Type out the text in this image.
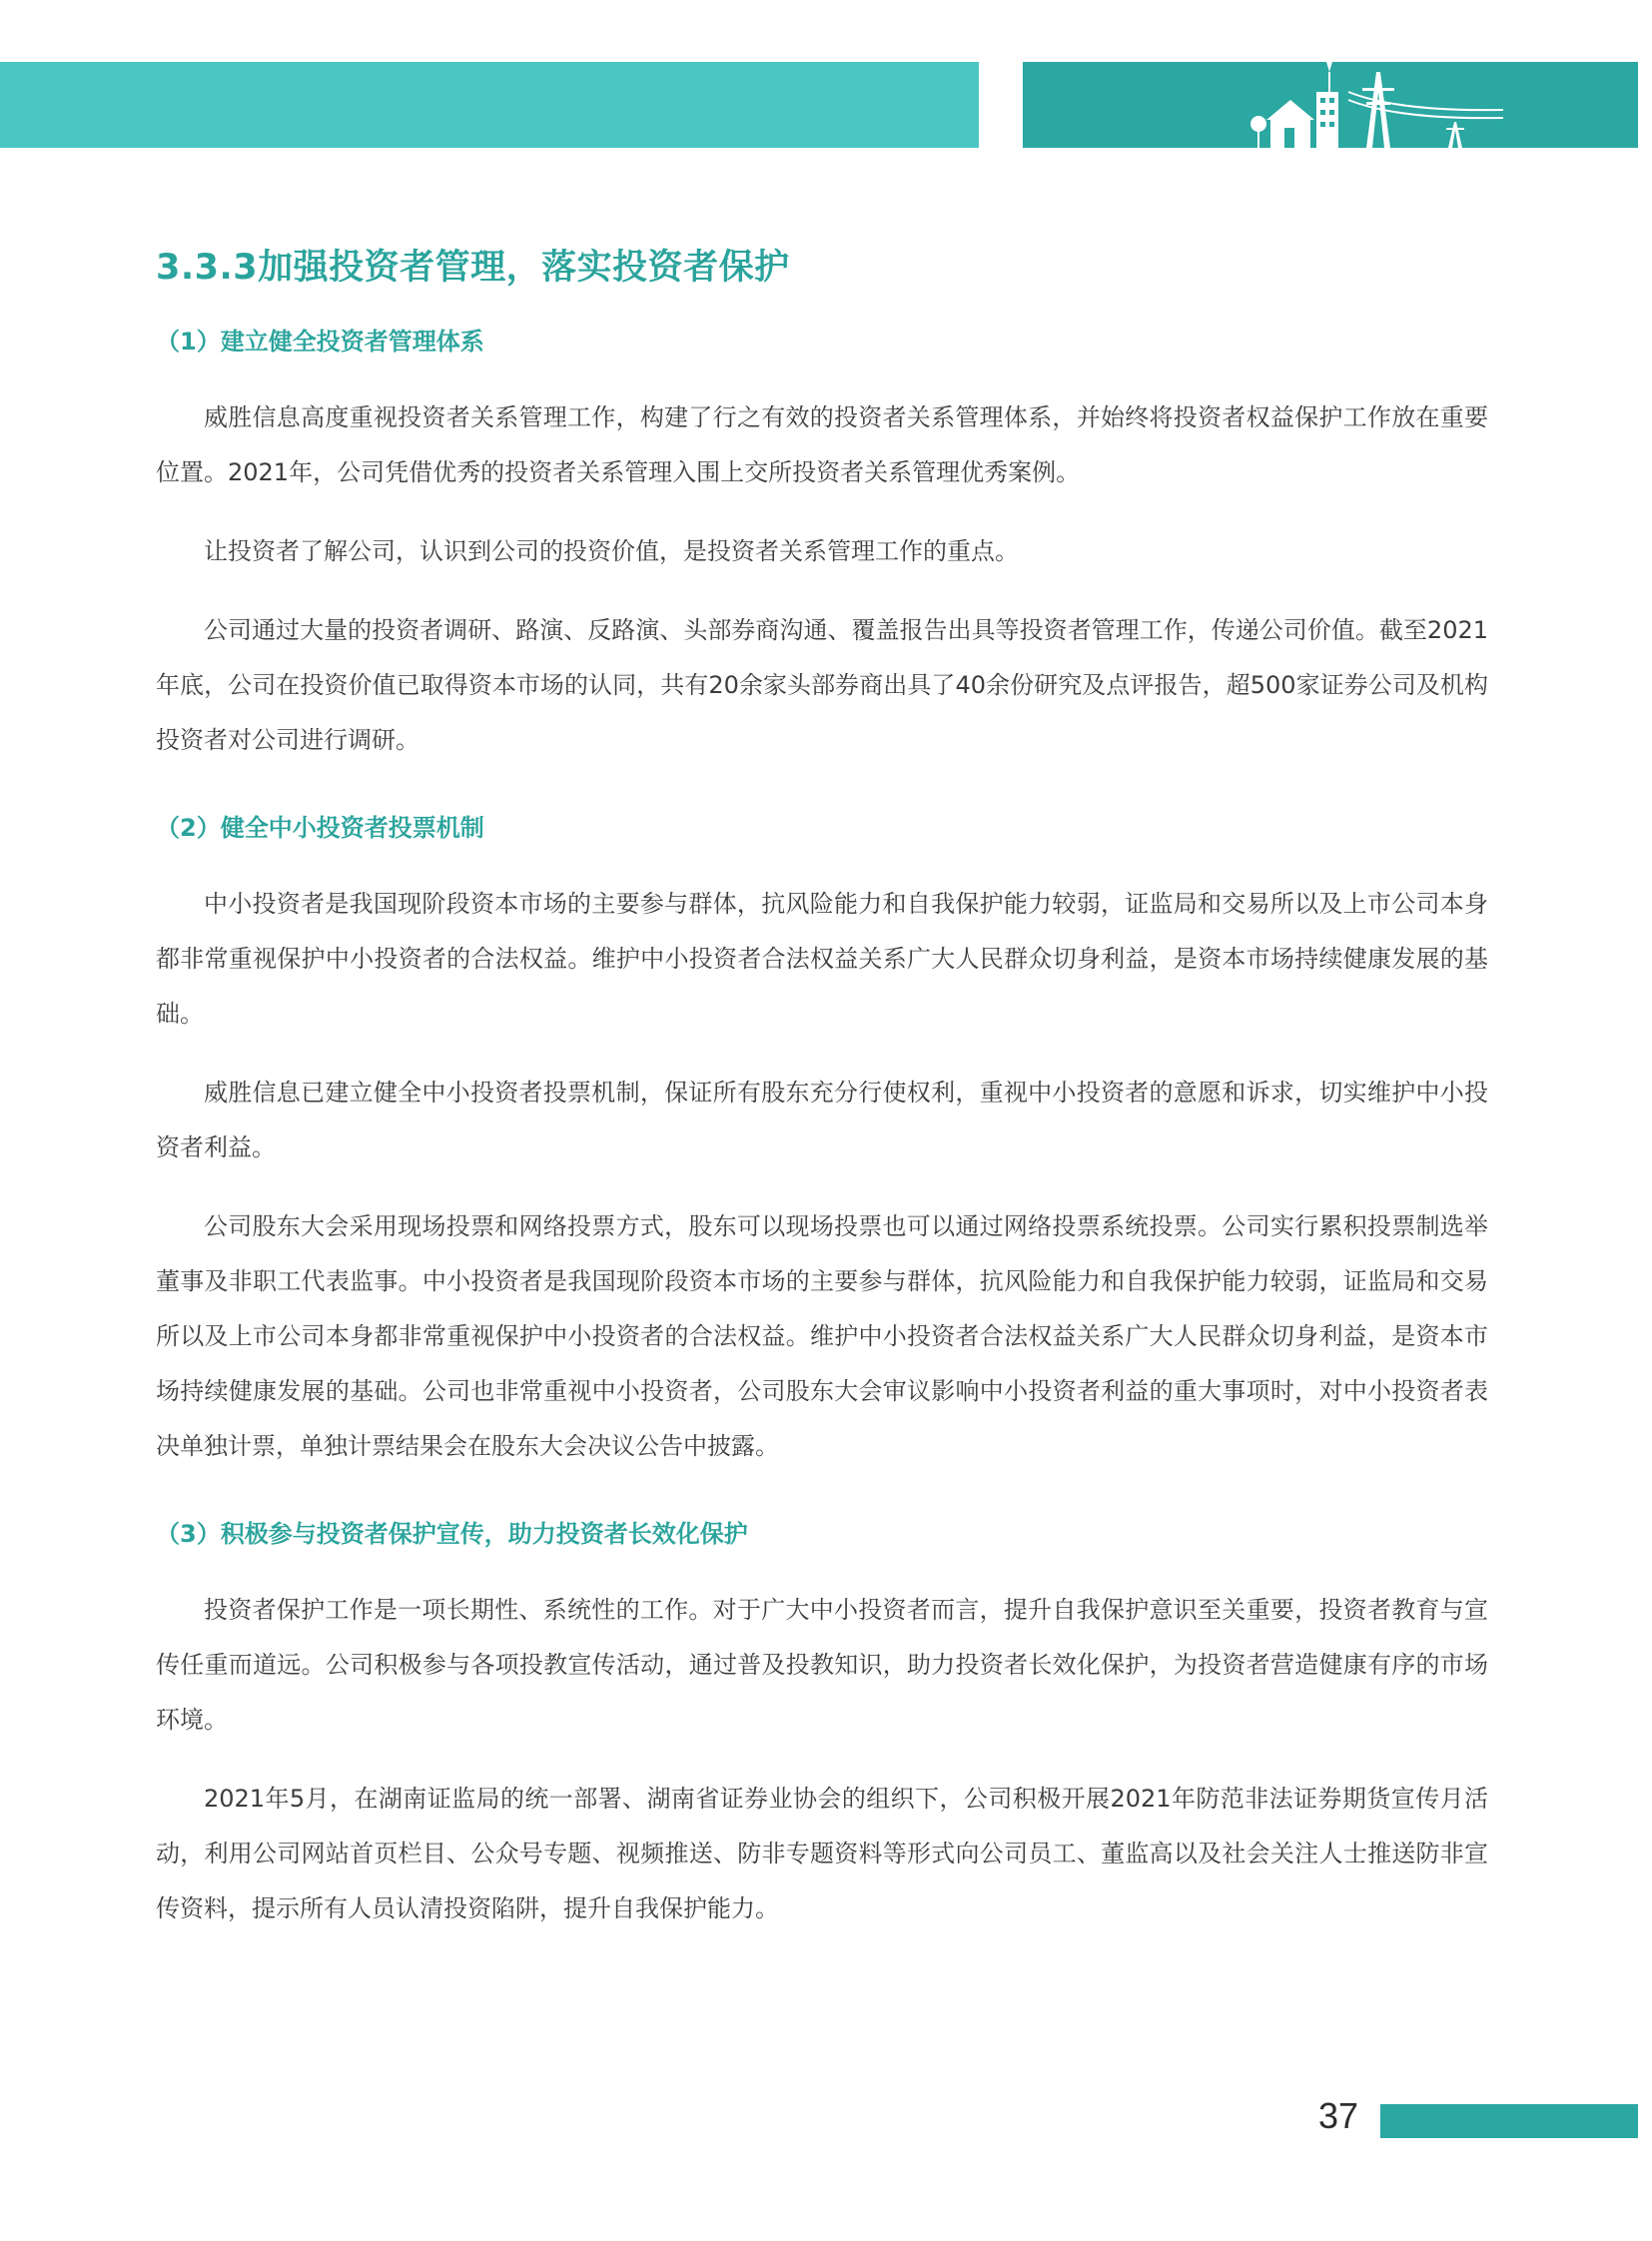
3.3.3加强投资者管理，落实投资者保护
（1）建立健全投资者管理体系

威胜信息高度重视投资者关系管理工作，构建了行之有效的投资者关系管理体系，并始终将投资者权益保护工作放在重要位置。2021年，公司凭借优秀的投资者关系管理入围上交所投资者关系管理优秀案例。

让投资者了解公司，认识到公司的投资价值，是投资者关系管理工作的重点。

公司通过大量的投资者调研、路演、反路演、头部券商沟通、覆盖报告出具等投资者管理工作，传递公司价值。截至2021年底，公司在投资价值已取得资本市场的认同，共有20余家头部券商出具了40余份研究及点评报告，超500家证券公司及机构投资者对公司进行调研。

（2）健全中小投资者投票机制

中小投资者是我国现阶段资本市场的主要参与群体，抗风险能力和自我保护能力较弱，证监局和交易所以及上市公司本身都非常重视保护中小投资者的合法权益。维护中小投资者合法权益关系广大人民群众切身利益，是资本市场持续健康发展的基础。

威胜信息已建立健全中小投资者投票机制，保证所有股东充分行使权利，重视中小投资者的意愿和诉求，切实维护中小投资者利益。

公司股东大会采用现场投票和网络投票方式，股东可以现场投票也可以通过网络投票系统投票。公司实行累积投票制选举董事及非职工代表监事。中小投资者是我国现阶段资本市场的主要参与群体，抗风险能力和自我保护能力较弱，证监局和交易所以及上市公司本身都非常重视保护中小投资者的合法权益。维护中小投资者合法权益关系广大人民群众切身利益，是资本市场持续健康发展的基础。公司也非常重视中小投资者，公司股东大会审议影响中小投资者利益的重大事项时，对中小投资者表决单独计票，单独计票结果会在股东大会决议公告中披露。

（3）积极参与投资者保护宣传，助力投资者长效化保护

投资者保护工作是一项长期性、系统性的工作。对于广大中小投资者而言，提升自我保护意识至关重要，投资者教育与宣传任重而道远。公司积极参与各项投教宣传活动，通过普及投教知识，助力投资者长效化保护，为投资者营造健康有序的市场环境。

2021年5月，在湖南证监局的统一部署、湖南省证券业协会的组织下，公司积极开展2021年防范非法证券期货宣传月活动，利用公司网站首页栏目、公众号专题、视频推送、防非专题资料等形式向公司员工、董监高以及社会关注人士推送防非宣传资料，提示所有人员认清投资陷阱，提升自我保护能力。

37
